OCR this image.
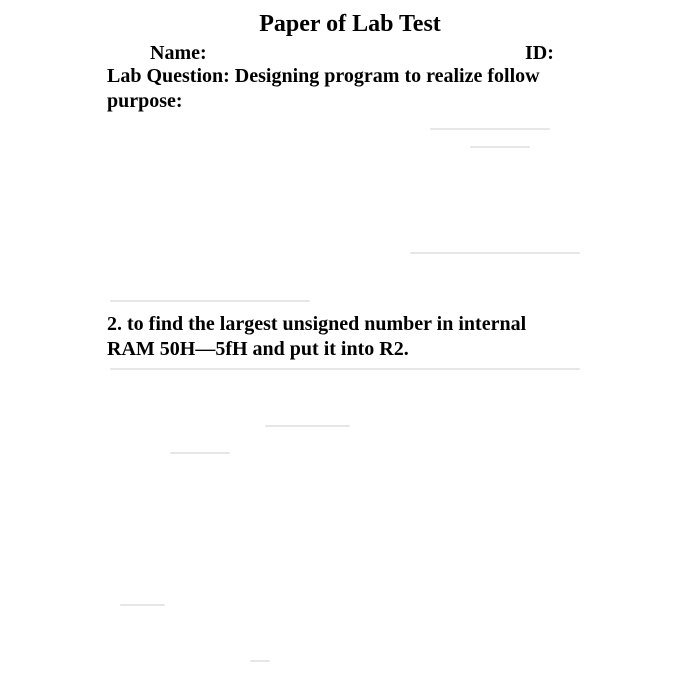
Paper of Lab Test
Name:	ID:
Lab Question: Designing program to realize follow
purpose:
2. to find the largest unsigned number in internal
RAM 50H—5fH and put it into R2.
